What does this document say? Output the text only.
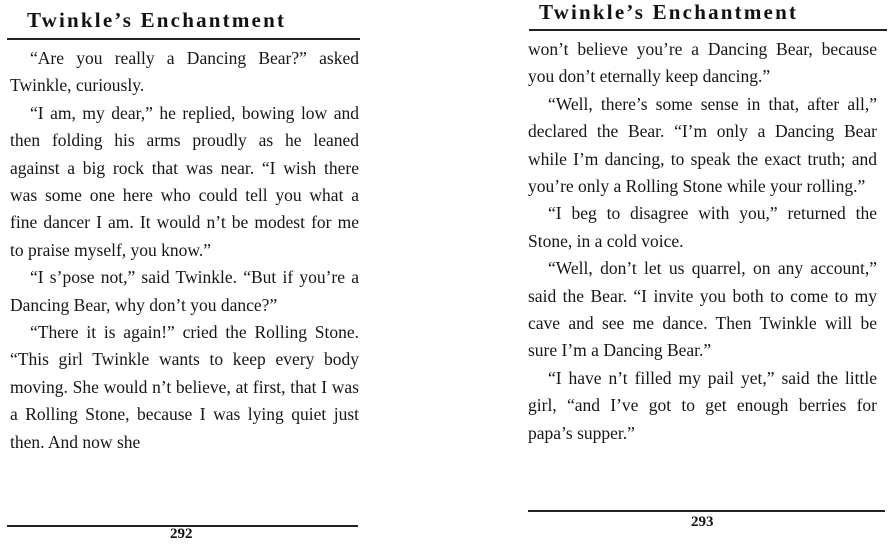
Twinkle’s Enchantment

“Are you really a Dancing Bear?” asked Twinkle, curiously.

“I am, my dear,” he replied, bowing low and then folding his arms proudly as he leaned against a big rock that was near. “I wish there was some one here who could tell you what a fine dancer I am. It would n’t be modest for me to praise myself, you know.”

“I s’pose not,” said Twinkle. “But if you’re a Dancing Bear, why don’t you dance?”

“There it is again!” cried the Rolling Stone. “This girl Twinkle wants to keep every body moving. She would n’t believe, at first, that I was a Rolling Stone, because I was lying quiet just then. And now she

292
Twinkle’s Enchantment

won’t believe you’re a Dancing Bear, because you don’t eternally keep dancing.”

“Well, there’s some sense in that, after all,” declared the Bear. “I’m only a Dancing Bear while I’m dancing, to speak the exact truth; and you’re only a Rolling Stone while your rolling.”

“I beg to disagree with you,” returned the Stone, in a cold voice.

“Well, don’t let us quarrel, on any account,” said the Bear. “I invite you both to come to my cave and see me dance. Then Twinkle will be sure I’m a Dancing Bear.”

“I have n’t filled my pail yet,” said the little girl, “and I’ve got to get enough berries for papa’s supper.”

293
